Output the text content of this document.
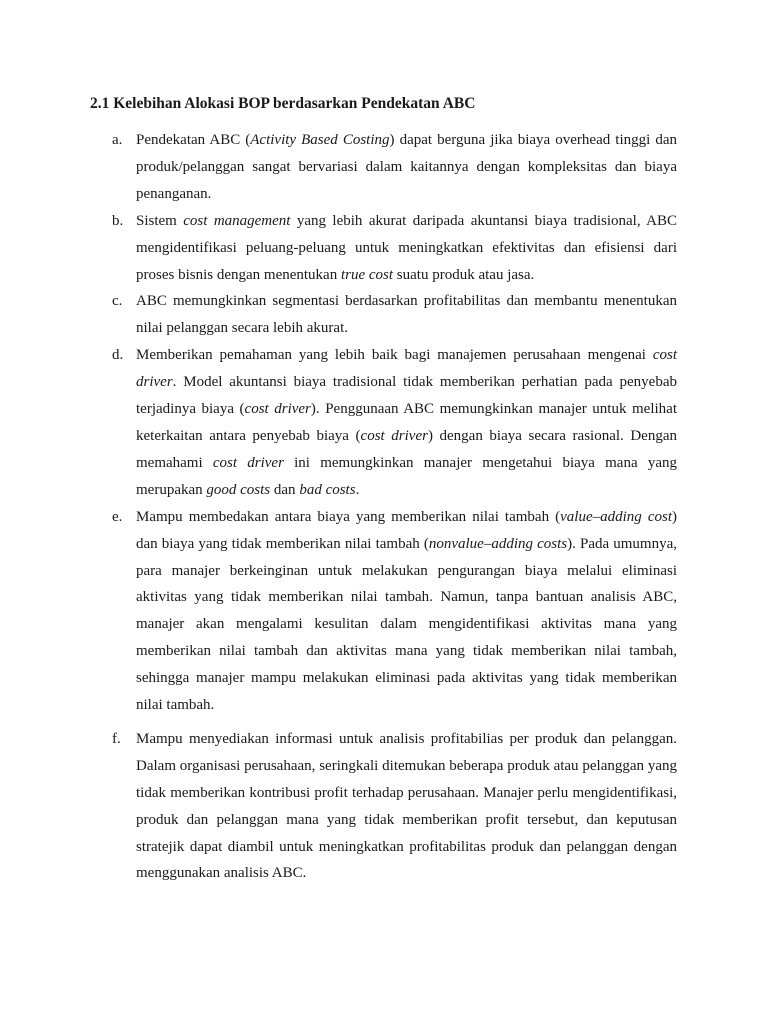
2.1 Kelebihan Alokasi BOP berdasarkan Pendekatan ABC
a. Pendekatan ABC (Activity Based Costing) dapat berguna jika biaya overhead tinggi dan produk/pelanggan sangat bervariasi dalam kaitannya dengan kompleksitas dan biaya penanganan.
b. Sistem cost management yang lebih akurat daripada akuntansi biaya tradisional, ABC mengidentifikasi peluang-peluang untuk meningkatkan efektivitas dan efisiensi dari proses bisnis dengan menentukan true cost suatu produk atau jasa.
c. ABC memungkinkan segmentasi berdasarkan profitabilitas dan membantu menentukan nilai pelanggan secara lebih akurat.
d. Memberikan pemahaman yang lebih baik bagi manajemen perusahaan mengenai cost driver. Model akuntansi biaya tradisional tidak memberikan perhatian pada penyebab terjadinya biaya (cost driver). Penggunaan ABC memungkinkan manajer untuk melihat keterkaitan antara penyebab biaya (cost driver) dengan biaya secara rasional. Dengan memahami cost driver ini memungkinkan manajer mengetahui biaya mana yang merupakan good costs dan bad costs.
e. Mampu membedakan antara biaya yang memberikan nilai tambah (value–adding cost) dan biaya yang tidak memberikan nilai tambah (nonvalue–adding costs). Pada umumnya, para manajer berkeinginan untuk melakukan pengurangan biaya melalui eliminasi aktivitas yang tidak memberikan nilai tambah. Namun, tanpa bantuan analisis ABC, manajer akan mengalami kesulitan dalam mengidentifikasi aktivitas mana yang memberikan nilai tambah dan aktivitas mana yang tidak memberikan nilai tambah, sehingga manajer mampu melakukan eliminasi pada aktivitas yang tidak memberikan nilai tambah.
f. Mampu menyediakan informasi untuk analisis profitabilias per produk dan pelanggan. Dalam organisasi perusahaan, seringkali ditemukan beberapa produk atau pelanggan yang tidak memberikan kontribusi profit terhadap perusahaan. Manajer perlu mengidentifikasi, produk dan pelanggan mana yang tidak memberikan profit tersebut, dan keputusan stratejik dapat diambil untuk meningkatkan profitabilitas produk dan pelanggan dengan menggunakan analisis ABC.
